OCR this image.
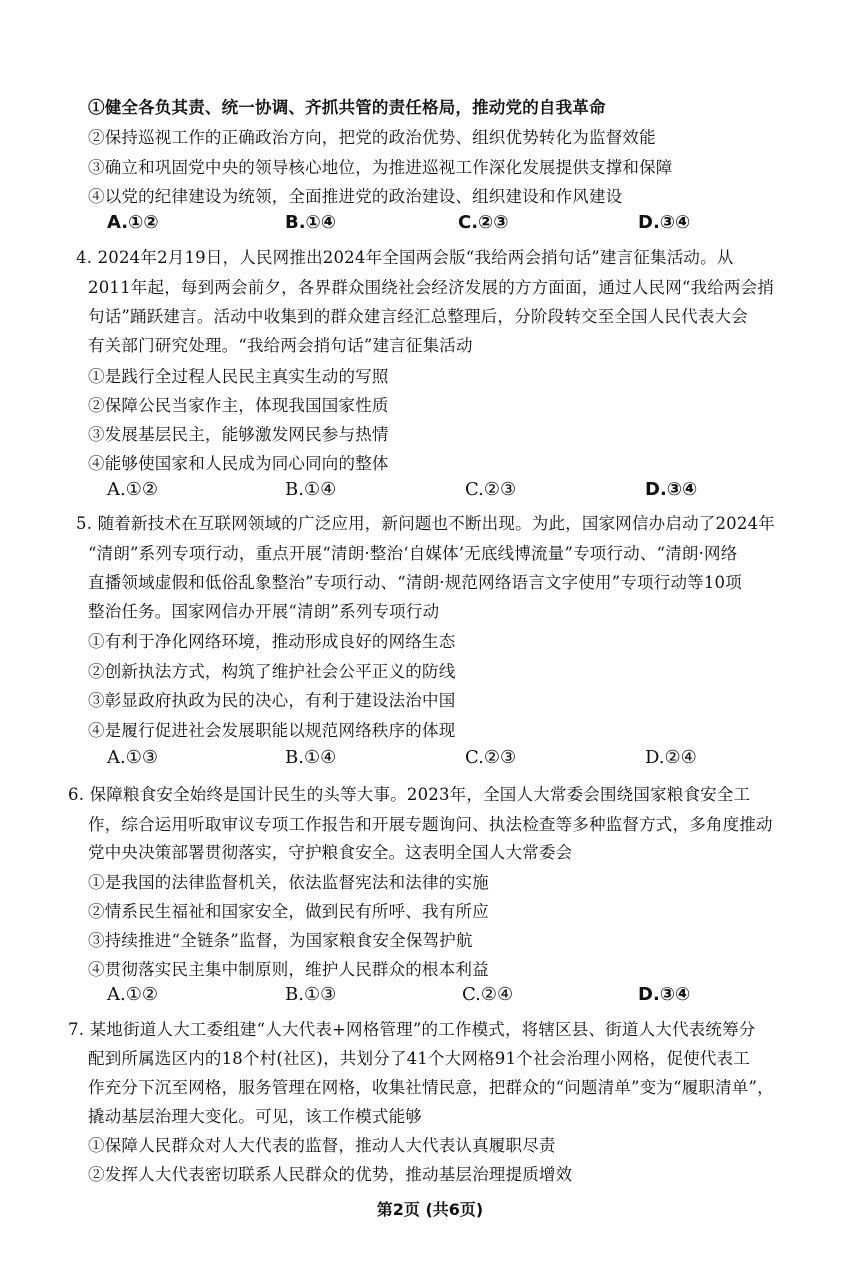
①健全各负其责、统一协调、齐抓共管的责任格局，推动党的自我革命
②保持巡视工作的正确政治方向，把党的政治优势、组织优势转化为监督效能
③确立和巩固党中央的领导核心地位，为推进巡视工作深化发展提供支撑和保障
④以党的纪律建设为统领，全面推进党的政治建设、组织建设和作风建设
A.①②	B.①④	C.②③	D.③④
4. 2024年2月19日，人民网推出2024年全国两会版“我给两会捎句话”建言征集活动。从
2011年起，每到两会前夕，各界群众围绕社会经济发展的方方面面，通过人民网“我给两会捎
句话”踊跃建言。活动中收集到的群众建言经汇总整理后，分阶段转交至全国人民代表大会
有关部门研究处理。“我给两会捎句话”建言征集活动
①是践行全过程人民民主真实生动的写照
②保障公民当家作主，体现我国国家性质
③发展基层民主，能够激发网民参与热情
④能够使国家和人民成为同心同向的整体
A.①②	B.①④	C.②③	D.③④
5. 随着新技术在互联网领域的广泛应用，新问题也不断出现。为此，国家网信办启动了2024年
“清朗”系列专项行动，重点开展“清朗·整治‘自媒体’无底线博流量”专项行动、“清朗·网络
直播领域虚假和低俗乱象整治”专项行动、“清朗·规范网络语言文字使用”专项行动等10项
整治任务。国家网信办开展“清朗”系列专项行动
①有利于净化网络环境，推动形成良好的网络生态
②创新执法方式，构筑了维护社会公平正义的防线
③彰显政府执政为民的决心，有利于建设法治中国
④是履行促进社会发展职能以规范网络秩序的体现
A.①③	B.①④	C.②③	D.②④
6. 保障粮食安全始终是国计民生的头等大事。2023年，全国人大常委会围绕国家粮食安全工
作，综合运用听取审议专项工作报告和开展专题询问、执法检查等多种监督方式，多角度推动
党中央决策部署贯彻落实，守护粮食安全。这表明全国人大常委会
①是我国的法律监督机关，依法监督宪法和法律的实施
②情系民生福祉和国家安全，做到民有所呼、我有所应
③持续推进“全链条”监督，为国家粮食安全保驾护航
④贯彻落实民主集中制原则，维护人民群众的根本利益
A.①②	B.①③	C.②④	D.③④
7. 某地街道人大工委组建“人大代表+网格管理”的工作模式，将辖区县、街道人大代表统筹分
配到所属选区内的18个村(社区)，共划分了41个大网格91个社会治理小网格，促使代表工
作充分下沉至网格，服务管理在网格，收集社情民意，把群众的“问题清单”变为“履职清单”，
撬动基层治理大变化。可见，该工作模式能够
①保障人民群众对人大代表的监督，推动人大代表认真履职尽责
②发挥人大代表密切联系人民群众的优势，推动基层治理提质增效
第2页 (共6页)
